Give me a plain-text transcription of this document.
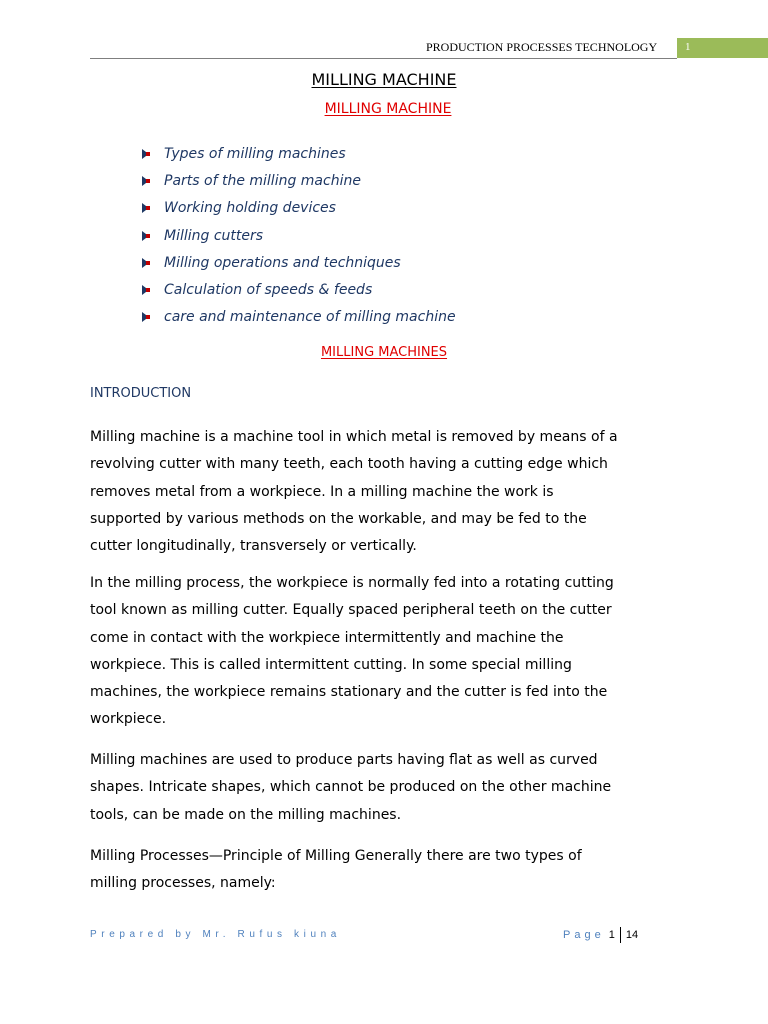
PRODUCTION PROCESSES TECHNOLOGY	1
MILLING MACHINE
MILLING MACHINE
Types of milling machines
Parts of the milling machine
Working holding devices
Milling cutters
Milling operations and techniques
Calculation of speeds & feeds
care and maintenance of milling machine
MILLING MACHINES
INTRODUCTION
Milling machine is a machine tool in which metal is removed by means of a
revolving cutter with many teeth, each tooth having a cutting edge which
removes metal from a workpiece. In a milling machine the work is
supported by various methods on the workable, and may be fed to the
cutter longitudinally, transversely or vertically.
In the milling process, the workpiece is normally fed into a rotating cutting
tool known as milling cutter. Equally spaced peripheral teeth on the cutter
come in contact with the workpiece intermittently and machine the
workpiece. This is called intermittent cutting. In some special milling
machines, the workpiece remains stationary and the cutter is fed into the
workpiece.
Milling machines are used to produce parts having flat as well as curved
shapes. Intricate shapes, which cannot be produced on the other machine
tools, can be made on the milling machines.
Milling Processes—Principle of Milling Generally there are two types of
milling processes, namely:
Prepared by Mr. Rufus kiuna	Page 1 14
